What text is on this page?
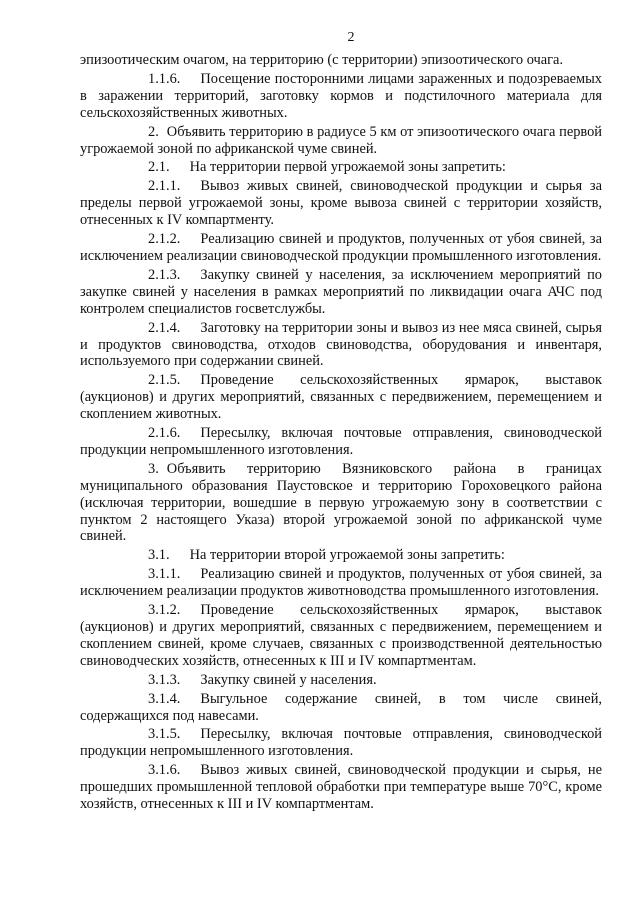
2

эпизоотическим очагом, на территорию (с территории) эпизоотического очага.

1.1.6. Посещение посторонними лицами зараженных и подозреваемых в заражении территорий, заготовку кормов и подстилочного материала для сельскохозяйственных животных.

2. Объявить территорию в радиусе 5 км от эпизоотического очага первой угрожаемой зоной по африканской чуме свиней.

2.1. На территории первой угрожаемой зоны запретить:

2.1.1. Вывоз живых свиней, свиноводческой продукции и сырья за пределы первой угрожаемой зоны, кроме вывоза свиней с территории хозяйств, отнесенных к IV компартменту.

2.1.2. Реализацию свиней и продуктов, полученных от убоя свиней, за исключением реализации свиноводческой продукции промышленного изготовления.

2.1.3. Закупку свиней у населения, за исключением мероприятий по закупке свиней у населения в рамках мероприятий по ликвидации очага АЧС под контролем специалистов госветслужбы.

2.1.4. Заготовку на территории зоны и вывоз из нее мяса свиней, сырья и продуктов свиноводства, отходов свиноводства, оборудования и инвентаря, используемого при содержании свиней.

2.1.5. Проведение сельскохозяйственных ярмарок, выставок (аукционов) и других мероприятий, связанных с передвижением, перемещением и скоплением животных.

2.1.6. Пересылку, включая почтовые отправления, свиноводческой продукции непромышленного изготовления.

3. Объявить территорию Вязниковского района в границах муниципального образования Паустовское и территорию Гороховецкого района (исключая территории, вошедшие в первую угрожаемую зону в соответствии с пунктом 2 настоящего Указа) второй угрожаемой зоной по африканской чуме свиней.

3.1. На территории второй угрожаемой зоны запретить:

3.1.1. Реализацию свиней и продуктов, полученных от убоя свиней, за исключением реализации продуктов животноводства промышленного изготовления.

3.1.2. Проведение сельскохозяйственных ярмарок, выставок (аукционов) и других мероприятий, связанных с передвижением, перемещением и скоплением свиней, кроме случаев, связанных с производственной деятельностью свиноводческих хозяйств, отнесенных к III и IV компартментам.

3.1.3. Закупку свиней у населения.

3.1.4. Выгульное содержание свиней, в том числе свиней, содержащихся под навесами.

3.1.5. Пересылку, включая почтовые отправления, свиноводческой продукции непромышленного изготовления.

3.1.6. Вывоз живых свиней, свиноводческой продукции и сырья, не прошедших промышленной тепловой обработки при температуре выше 70°С, кроме хозяйств, отнесенных к III и IV компартментам.
